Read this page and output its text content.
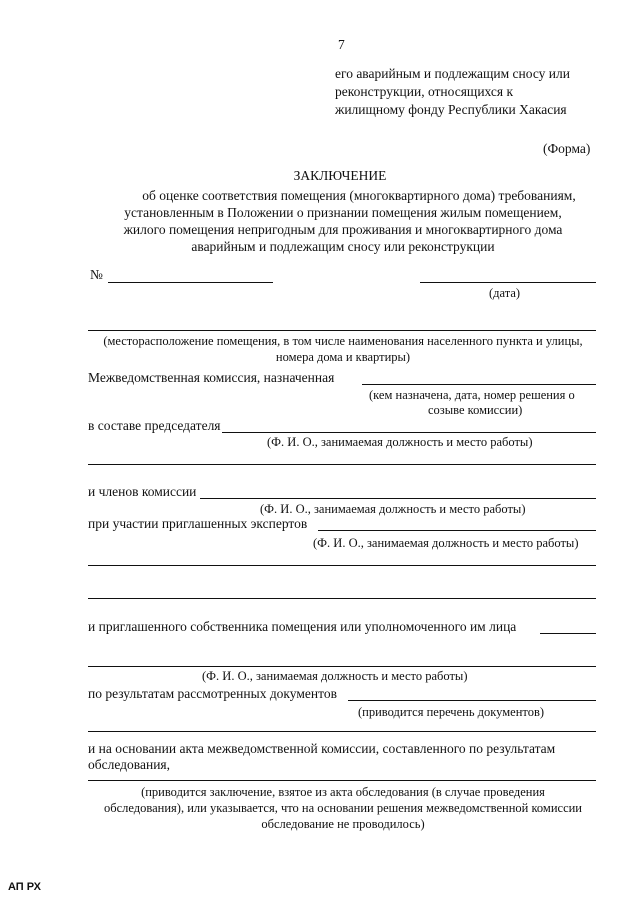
7
его аварийным и подлежащим сносу или
реконструкции, относящихся к
жилищному фонду Республики Хакасия
(Форма)
ЗАКЛЮЧЕНИЕ
об оценке соответствия помещения (многоквартирного дома) требованиям,
установленным в Положении о признании помещения жилым помещением,
жилого помещения непригодным для проживания и многоквартирного дома
аварийным и подлежащим сносу или реконструкции
№
(дата)
(месторасположение помещения, в том числе наименования населенного пункта и улицы,
номера дома и квартиры)
Межведомственная комиссия, назначенная
(кем назначена, дата, номер решения о
созыве комиссии)
в составе председателя
(Ф. И. О., занимаемая должность и место работы)
и членов комиссии
(Ф. И. О., занимаемая должность и место работы)
при участии приглашенных экспертов
(Ф. И. О., занимаемая должность и место работы)
и приглашенного собственника помещения или уполномоченного им лица
(Ф. И. О., занимаемая должность и место работы)
по результатам рассмотренных документов
(приводится перечень документов)
и на основании акта межведомственной комиссии, составленного по результатам
обследования,
(приводится заключение, взятое из акта обследования (в случае проведения
обследования), или указывается, что на основании решения межведомственной комиссии
обследование не проводилось)
АП РХ
